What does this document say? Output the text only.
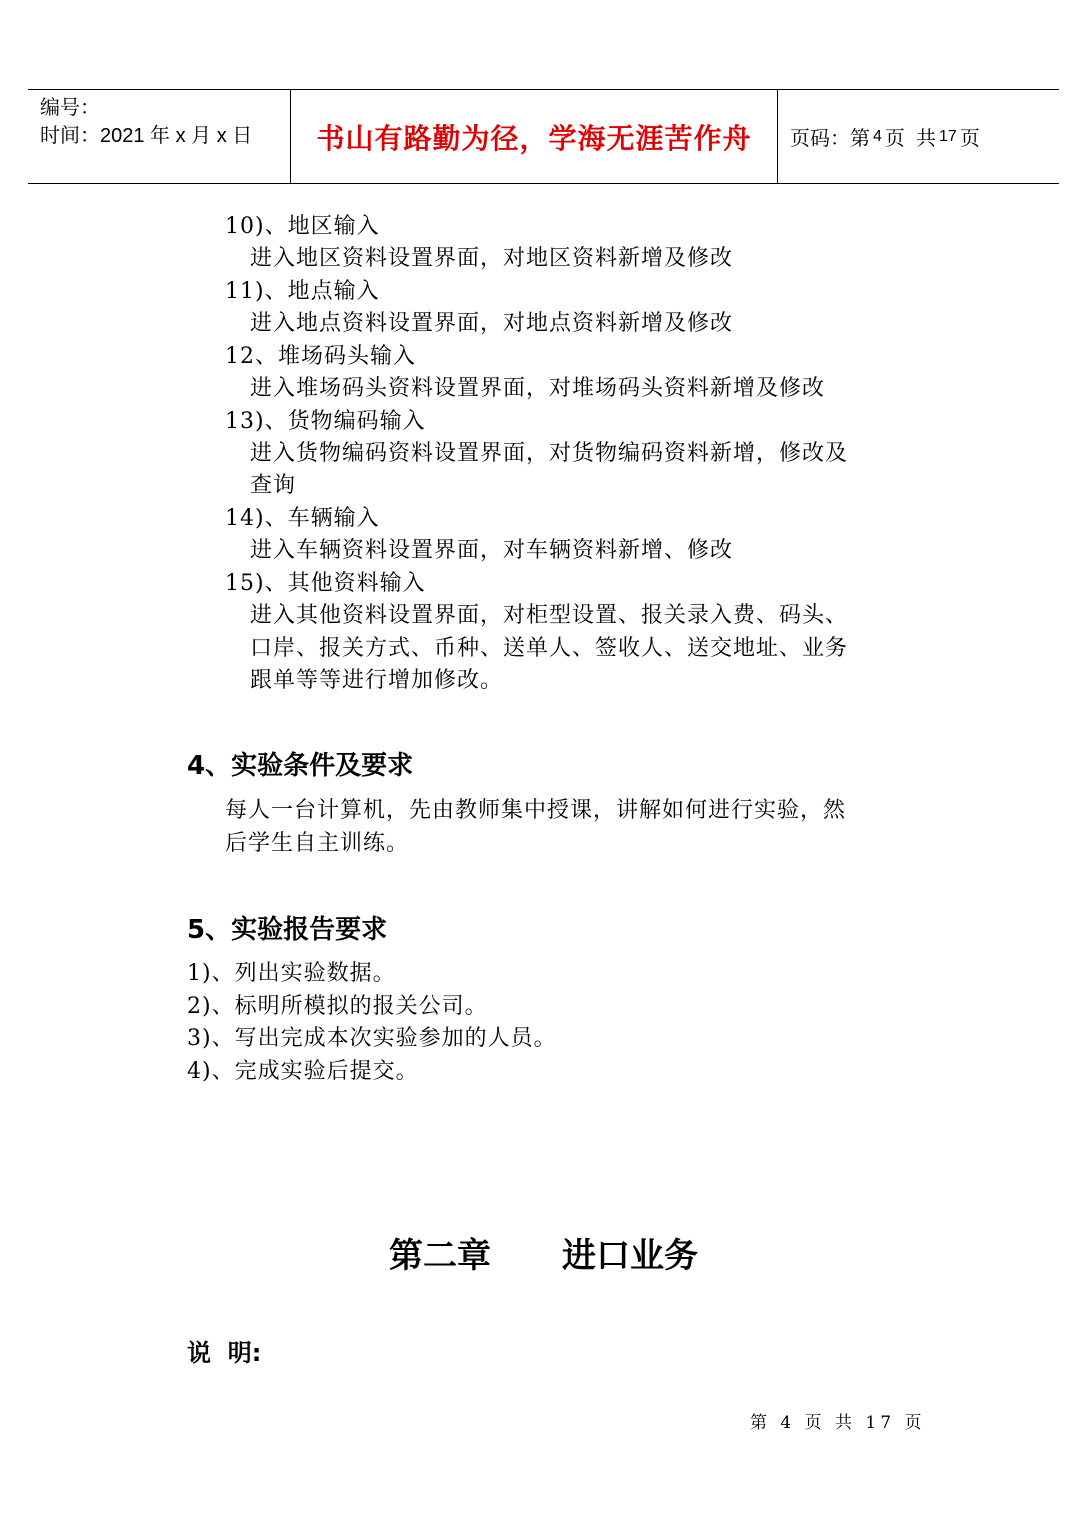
编号：
时间：2021 年 x 月 x 日	书山有路勤为径，学海无涯苦作舟	页码：第 4 页  共 17 页
10)、地区输入
进入地区资料设置界面，对地区资料新增及修改
11)、地点输入
进入地点资料设置界面，对地点资料新增及修改
12、堆场码头输入
进入堆场码头资料设置界面，对堆场码头资料新增及修改
13)、货物编码输入
进入货物编码资料设置界面，对货物编码资料新增，修改及
查询
14)、车辆输入
进入车辆资料设置界面，对车辆资料新增、修改
15)、其他资料输入
进入其他资料设置界面，对柜型设置、报关录入费、码头、
口岸、报关方式、币种、送单人、签收人、送交地址、业务
跟单等等进行增加修改。
4、实验条件及要求
每人一台计算机，先由教师集中授课，讲解如何进行实验，然
后学生自主训练。
5、实验报告要求
1)、列出实验数据。
2)、标明所模拟的报关公司。
3)、写出完成本次实验参加的人员。
4)、完成实验后提交。
第二章      进口业务
说  明:
第 4 页 共 17 页
